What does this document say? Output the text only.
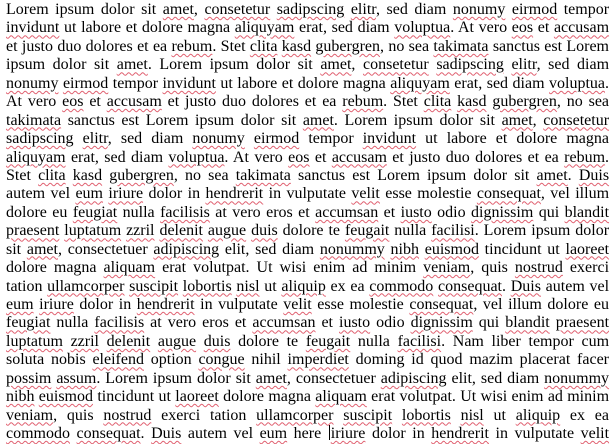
Lorem ipsum dolor sit amet, consetetur sadipscing elitr, sed diam nonumy eirmod tempor
invidunt ut labore et dolore magna aliquyam erat, sed diam voluptua. At vero eos et accusam
et justo duo dolores et ea rebum. Stet clita kasd gubergren, no sea takimata sanctus est Lorem
ipsum dolor sit amet. Lorem ipsum dolor sit amet, consetetur sadipscing elitr, sed diam
nonumy eirmod tempor invidunt ut labore et dolore magna aliquyam erat, sed diam voluptua.
At vero eos et accusam et justo duo dolores et ea rebum. Stet clita kasd gubergren, no sea
takimata sanctus est Lorem ipsum dolor sit amet. Lorem ipsum dolor sit amet, consetetur
sadipscing elitr, sed diam nonumy eirmod tempor invidunt ut labore et dolore magna
aliquyam erat, sed diam voluptua. At vero eos et accusam et justo duo dolores et ea rebum.
Stet clita kasd gubergren, no sea takimata sanctus est Lorem ipsum dolor sit amet. Duis
autem vel eum iriure dolor in hendrerit in vulputate velit esse molestie consequat, vel illum
dolore eu feugiat nulla facilisis at vero eros et accumsan et iusto odio dignissim qui blandit
praesent luptatum zzril delenit augue duis dolore te feugait nulla facilisi. Lorem ipsum dolor
sit amet, consectetuer adipiscing elit, sed diam nonummy nibh euismod tincidunt ut laoreet
dolore magna aliquam erat volutpat. Ut wisi enim ad minim veniam, quis nostrud exerci
tation ullamcorper suscipit lobortis nisl ut aliquip ex ea commodo consequat. Duis autem vel
eum iriure dolor in hendrerit in vulputate velit esse molestie consequat, vel illum dolore eu
feugiat nulla facilisis at vero eros et accumsan et iusto odio dignissim qui blandit praesent
luptatum zzril delenit augue duis dolore te feugait nulla facilisi. Nam liber tempor cum
soluta nobis eleifend option congue nihil imperdiet doming id quod mazim placerat facer
possim assum. Lorem ipsum dolor sit amet, consectetuer adipiscing elit, sed diam nonummy
nibh euismod tincidunt ut laoreet dolore magna aliquam erat volutpat. Ut wisi enim ad minim
veniam, quis nostrud exerci tation ullamcorper suscipit lobortis nisl ut aliquip ex ea
commodo consequat. Duis autem vel eum here iriure dolor in hendrerit in vulputate velit
